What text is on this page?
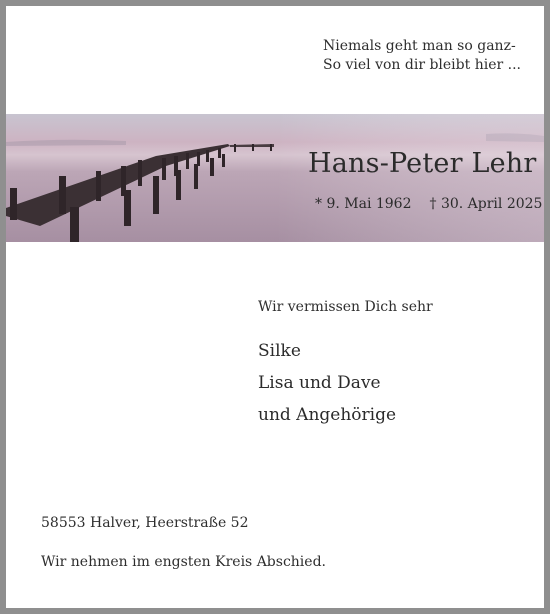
Niemals geht man so ganz-
So viel von dir bleibt hier ...
Hans-Peter Lehr
* 9. Mai 1962 † 30. April 2025
Wir vermissen Dich sehr
Silke
Lisa und Dave
und Angehörige
58553 Halver, Heerstraße 52
Wir nehmen im engsten Kreis Abschied.
